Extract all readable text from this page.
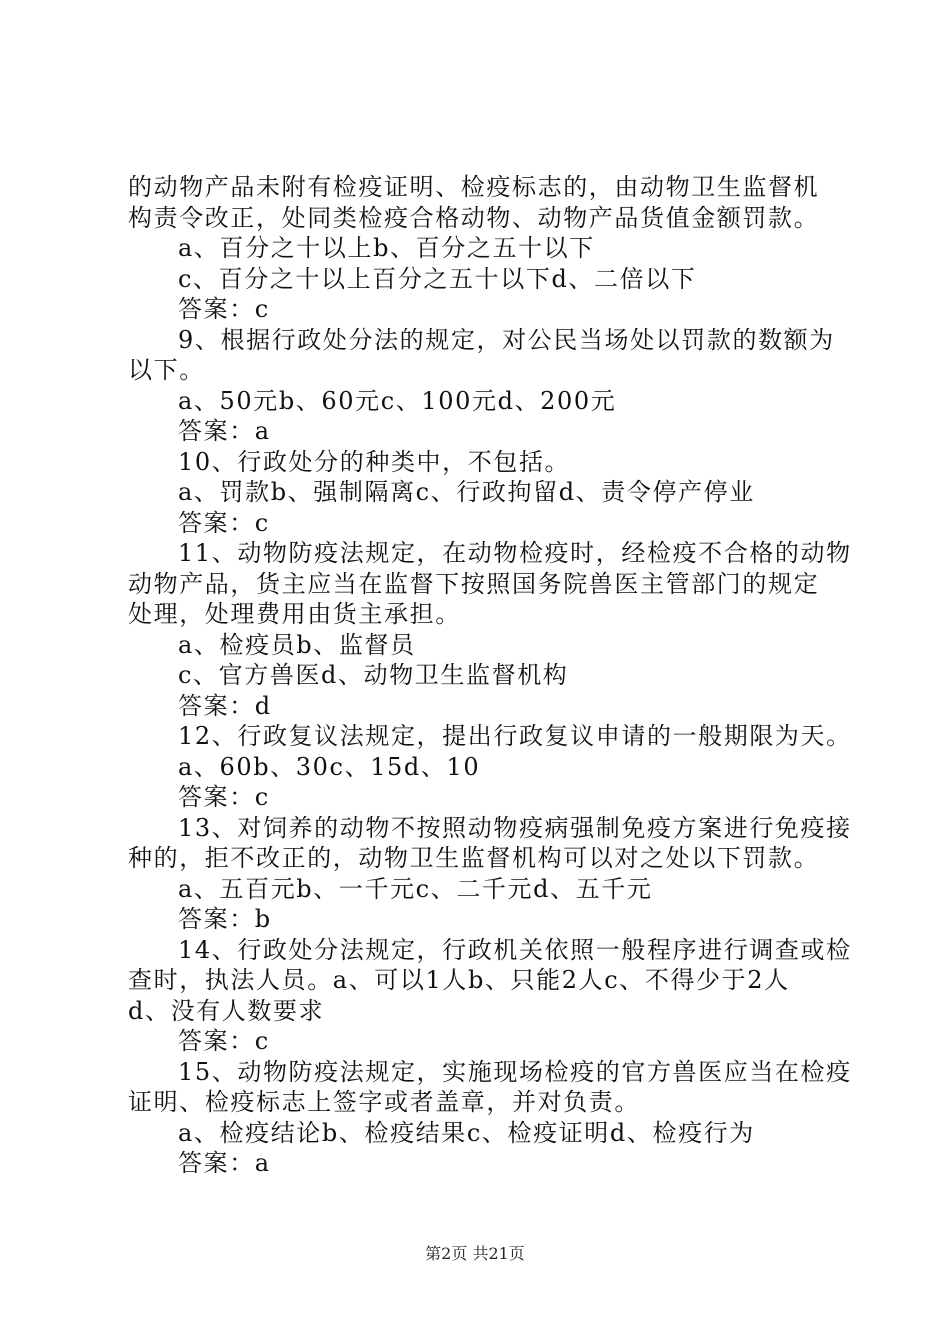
的动物产品未附有检疫证明、检疫标志的，由动物卫生监督机
构责令改正，处同类检疫合格动物、动物产品货值金额罚款。
a、百分之十以上b、百分之五十以下
c、百分之十以上百分之五十以下d、二倍以下
答案：c
9、根据行政处分法的规定，对公民当场处以罚款的数额为
以下。
a、50元b、60元c、100元d、200元
答案：a
10、行政处分的种类中，不包括。
a、罚款b、强制隔离c、行政拘留d、责令停产停业
答案：c
11、动物防疫法规定，在动物检疫时，经检疫不合格的动物
动物产品，货主应当在监督下按照国务院兽医主管部门的规定
处理，处理费用由货主承担。
a、检疫员b、监督员
c、官方兽医d、动物卫生监督机构
答案：d
12、行政复议法规定，提出行政复议申请的一般期限为天。
a、60b、30c、15d、10
答案：c
13、对饲养的动物不按照动物疫病强制免疫方案进行免疫接
种的，拒不改正的，动物卫生监督机构可以对之处以下罚款。
a、五百元b、一千元c、二千元d、五千元
答案：b
14、行政处分法规定，行政机关依照一般程序进行调查或检
查时，执法人员。a、可以1人b、只能2人c、不得少于2人
d、没有人数要求
答案：c
15、动物防疫法规定，实施现场检疫的官方兽医应当在检疫
证明、检疫标志上签字或者盖章，并对负责。
a、检疫结论b、检疫结果c、检疫证明d、检疫行为
答案：a
第2页 共21页
